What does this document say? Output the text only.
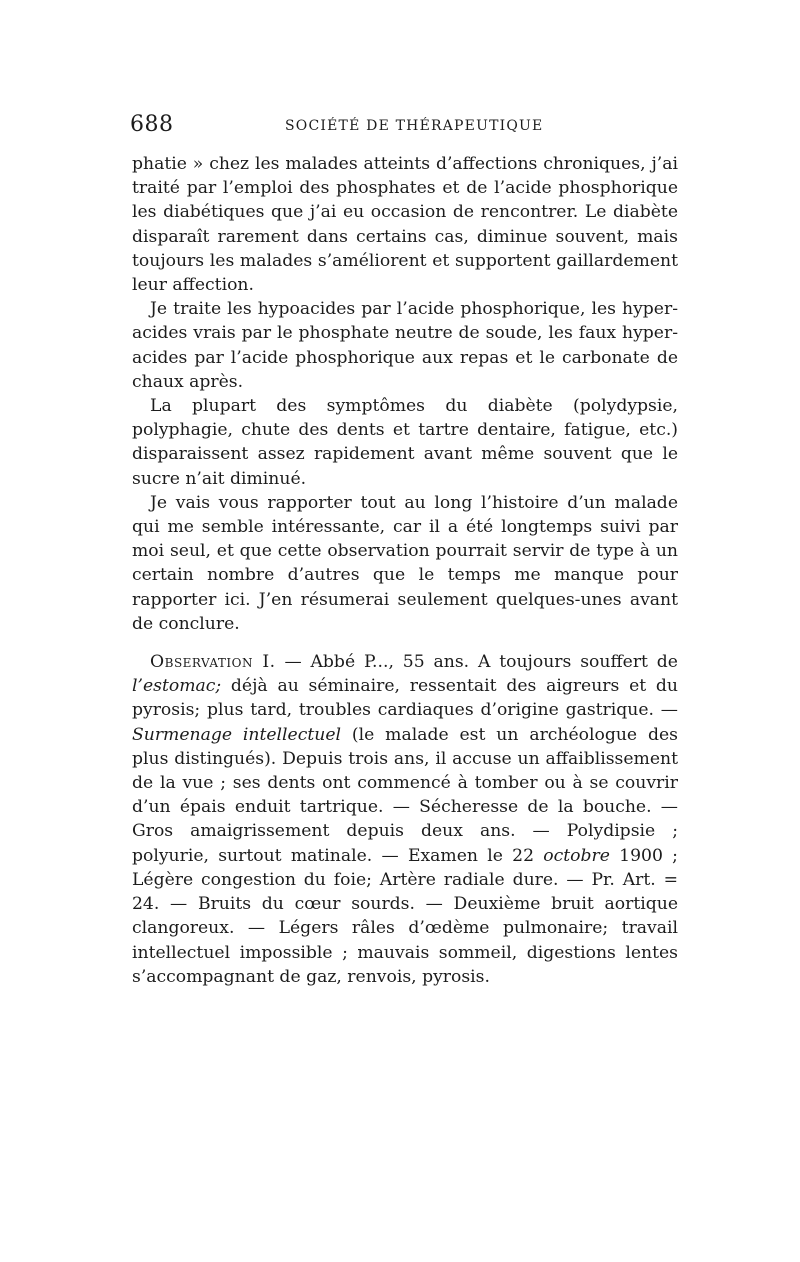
688	SOCIÉTÉ DE THÉRAPEUTIQUE

phatie » chez les malades atteints d’affections chroniques, j’ai traité par l’emploi des phosphates et de l’acide phosphorique les diabétiques que j’ai eu occasion de rencontrer. Le diabète disparaît rarement dans certains cas, diminue souvent, mais toujours les malades s’améliorent et supportent gaillardement leur affection.

Je traite les hypoacides par l’acide phosphorique, les hyperacides vrais par le phosphate neutre de soude, les faux hyperacides par l’acide phosphorique aux repas et le carbonate de chaux après.

La plupart des symptômes du diabète (polydypsie, polyphagie, chute des dents et tartre dentaire, fatigue, etc.) disparaissent assez rapidement avant même souvent que le sucre n’ait diminué.

Je vais vous rapporter tout au long l’histoire d’un malade qui me semble intéressante, car il a été longtemps suivi par moi seul, et que cette observation pourrait servir de type à un certain nombre d’autres que le temps me manque pour rapporter ici. J’en résumerai seulement quelques-unes avant de conclure.

Observation I. — Abbé P..., 55 ans. A toujours souffert de l’estomac; déjà au séminaire, ressentait des aigreurs et du pyrosis; plus tard, troubles cardiaques d’origine gastrique. — Surmenage intellectuel (le malade est un archéologue des plus distingués). Depuis trois ans, il accuse un affaiblissement de la vue ; ses dents ont commencé à tomber ou à se couvrir d’un épais enduit tartrique. — Sécheresse de la bouche. — Gros amaigrissement depuis deux ans. — Polydipsie ; polyurie, surtout matinale. — Examen le 22 octobre 1900 ; Légère congestion du foie; Artère radiale dure. — Pr. Art. = 24. — Bruits du cœur sourds. — Deuxième bruit aortique clangoreux. — Légers râles d’œdème pulmonaire; travail intellectuel impossible ; mauvais sommeil, digestions lentes s’accompagnant de gaz, renvois, pyrosis.
